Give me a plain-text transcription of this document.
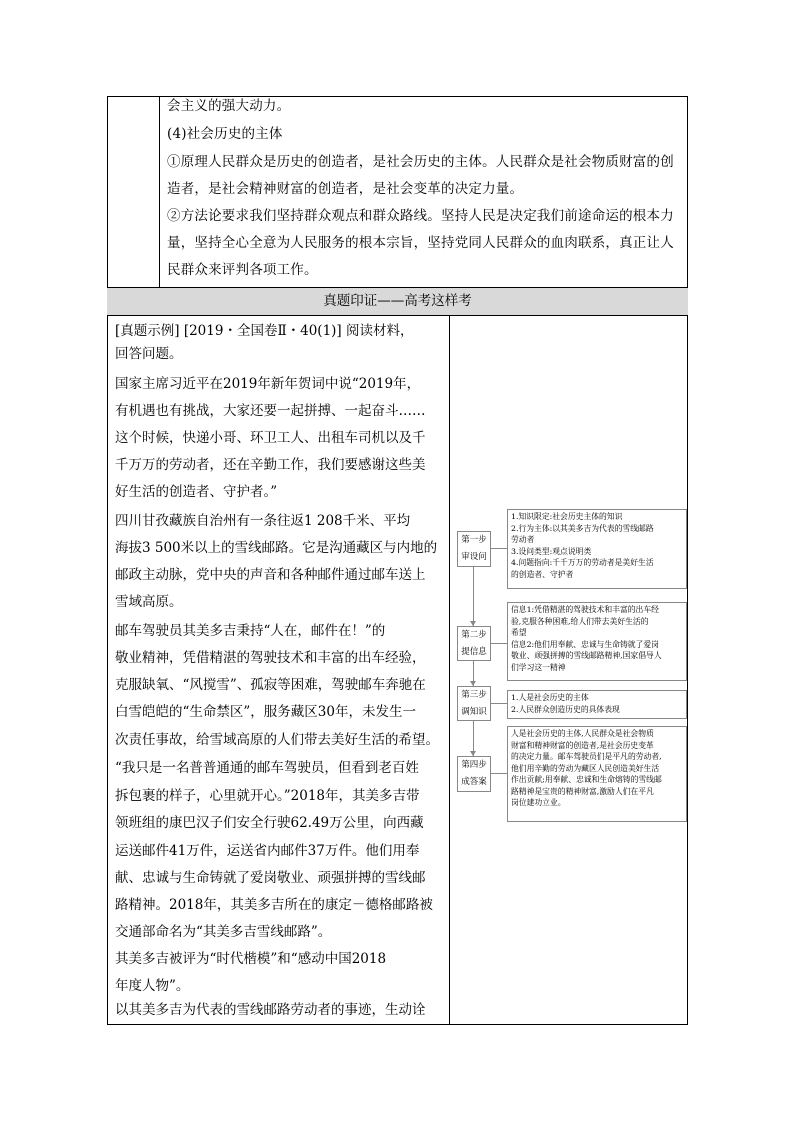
会主义的强大动力。
(4)社会历史的主体
①原理人民群众是历史的创造者，是社会历史的主体。人民群众是社会物质财富的创
造者，是社会精神财富的创造者，是社会变革的决定力量。
②方法论要求我们坚持群众观点和群众路线。坚持人民是决定我们前途命运的根本力
量，坚持全心全意为人民服务的根本宗旨，坚持党同人民群众的血肉联系，真正让人
民群众来评判各项工作。
真题印证——高考这样考
[真题示例] [2019・全国卷Ⅱ・40(1)] 阅读材料，
回答问题。
国家主席习近平在2019年新年贺词中说“2019年，
有机遇也有挑战，大家还要一起拼搏、一起奋斗……
这个时候，快递小哥、环卫工人、出租车司机以及千
千万万的劳动者，还在辛勤工作，我们要感谢这些美
好生活的创造者、守护者。”
四川甘孜藏族自治州有一条往返1 208千米、平均
海拔3 500米以上的雪线邮路。它是沟通藏区与内地的
邮政主动脉，党中央的声音和各种邮件通过邮车送上
雪域高原。
邮车驾驶员其美多吉秉持“人在，邮件在！”的
敬业精神，凭借精湛的驾驶技术和丰富的出车经验，
克服缺氧、“风搅雪”、孤寂等困难，驾驶邮车奔驰在
白雪皑皑的“生命禁区”，服务藏区30年，未发生一
次责任事故，给雪域高原的人们带去美好生活的希望。
“我只是一名普普通通的邮车驾驶员，但看到老百姓
拆包裹的样子，心里就开心。”2018年，其美多吉带
领班组的康巴汉子们安全行驶62.49万公里，向西藏
运送邮件41万件，运送省内邮件37万件。他们用奉
献、忠诚与生命铸就了爱岗敬业、顽强拼搏的雪线邮
路精神。2018年，其美多吉所在的康定－德格邮路被
交通部命名为“其美多吉雪线邮路”。
其美多吉被评为“时代楷模”和“感动中国2018
年度人物”。
以其美多吉为代表的雪线邮路劳动者的事迹，生动诠
第一步
审设问
1.知识限定:社会历史主体的知识
2.行为主体:以其美多吉为代表的雪线邮路
劳动者
3.设问类型:观点说明类
4.问题指向:千千万万的劳动者是美好生活
的创造者、守护者
第二步
提信息
信息1:凭借精湛的驾驶技术和丰富的出车经
验,克服各种困难,给人们带去美好生活的
希望
信息2:他们用奉献、忠诚与生命铸就了爱岗
敬业、顽强拼搏的雪线邮路精神,国家倡导人
们学习这一精神
第三步
调知识
1.人是社会历史的主体
2.人民群众创造历史的具体表现
第四步
成答案
人是社会历史的主体,人民群众是社会物质
财富和精神财富的创造者,是社会历史变革
的决定力量。邮车驾驶员们是平凡的劳动者,
他们用辛勤的劳动为藏区人民创造美好生活
作出贡献;用奉献、忠诚和生命熔铸的雪线邮
路精神是宝贵的精神财富,激励人们在平凡
岗位建功立业。
